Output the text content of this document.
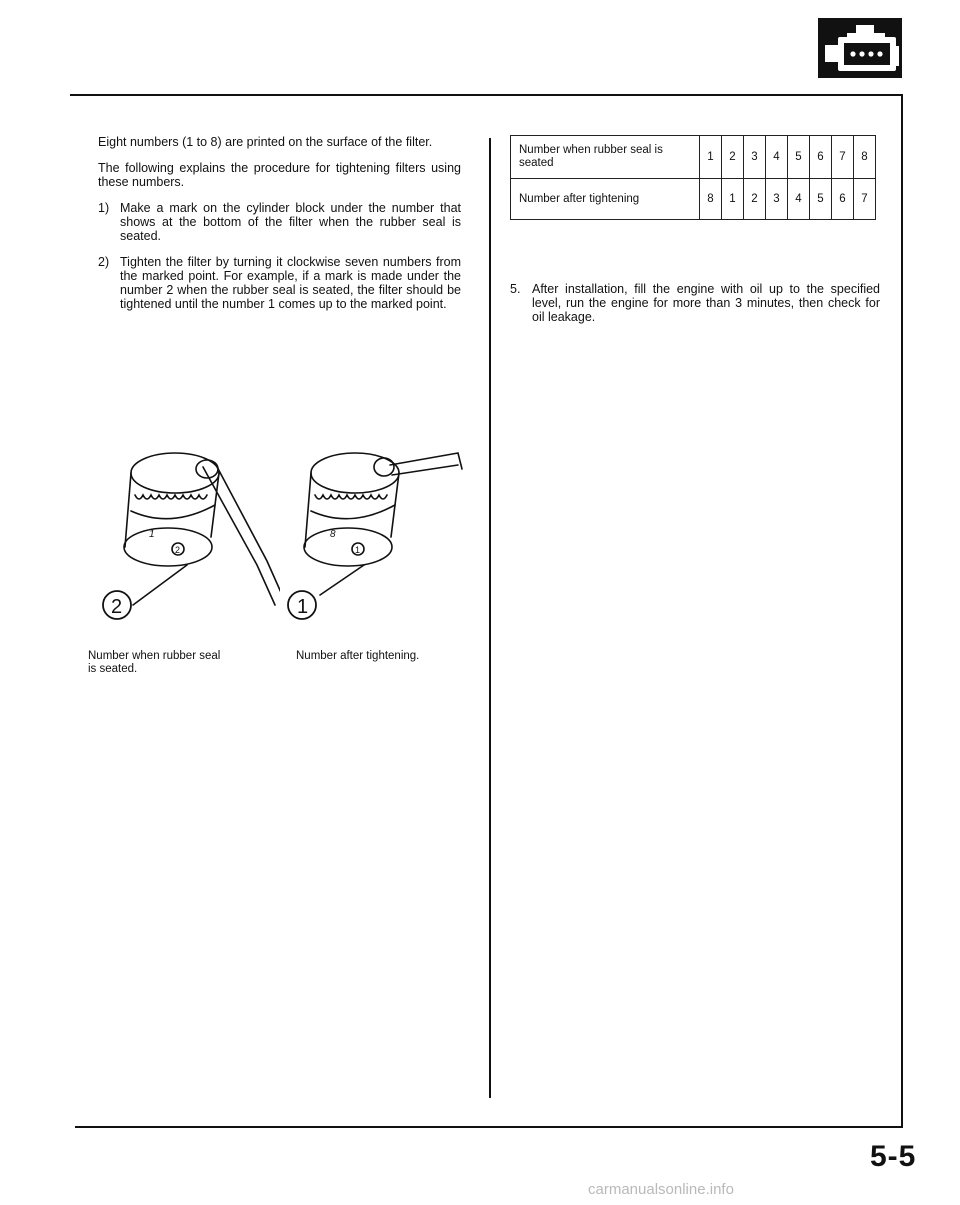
Eight numbers (1 to 8) are printed on the surface of the filter.

The following explains the procedure for tightening filters using these numbers.

1) Make a mark on the cylinder block under the number that shows at the bottom of the filter when the rubber seal is seated.
2) Tighten the filter by turning it clockwise seven numbers from the marked point. For example, if a mark is made under the number 2 when the rubber seal is seated, the filter should be tightened until the number 1 comes up to the marked point.
1
2
2
8
1
1
Number when rubber seal is seated.
Number after tightening.
Number when rubber seal is seated	1	2	3	4	5	6	7	8
Number after tightening	8	1	2	3	4	5	6	7
5. After installation, fill the engine with oil up to the specified level, run the engine for more than 3 minutes, then check for oil leakage.
5-5
carmanualsonline.info
